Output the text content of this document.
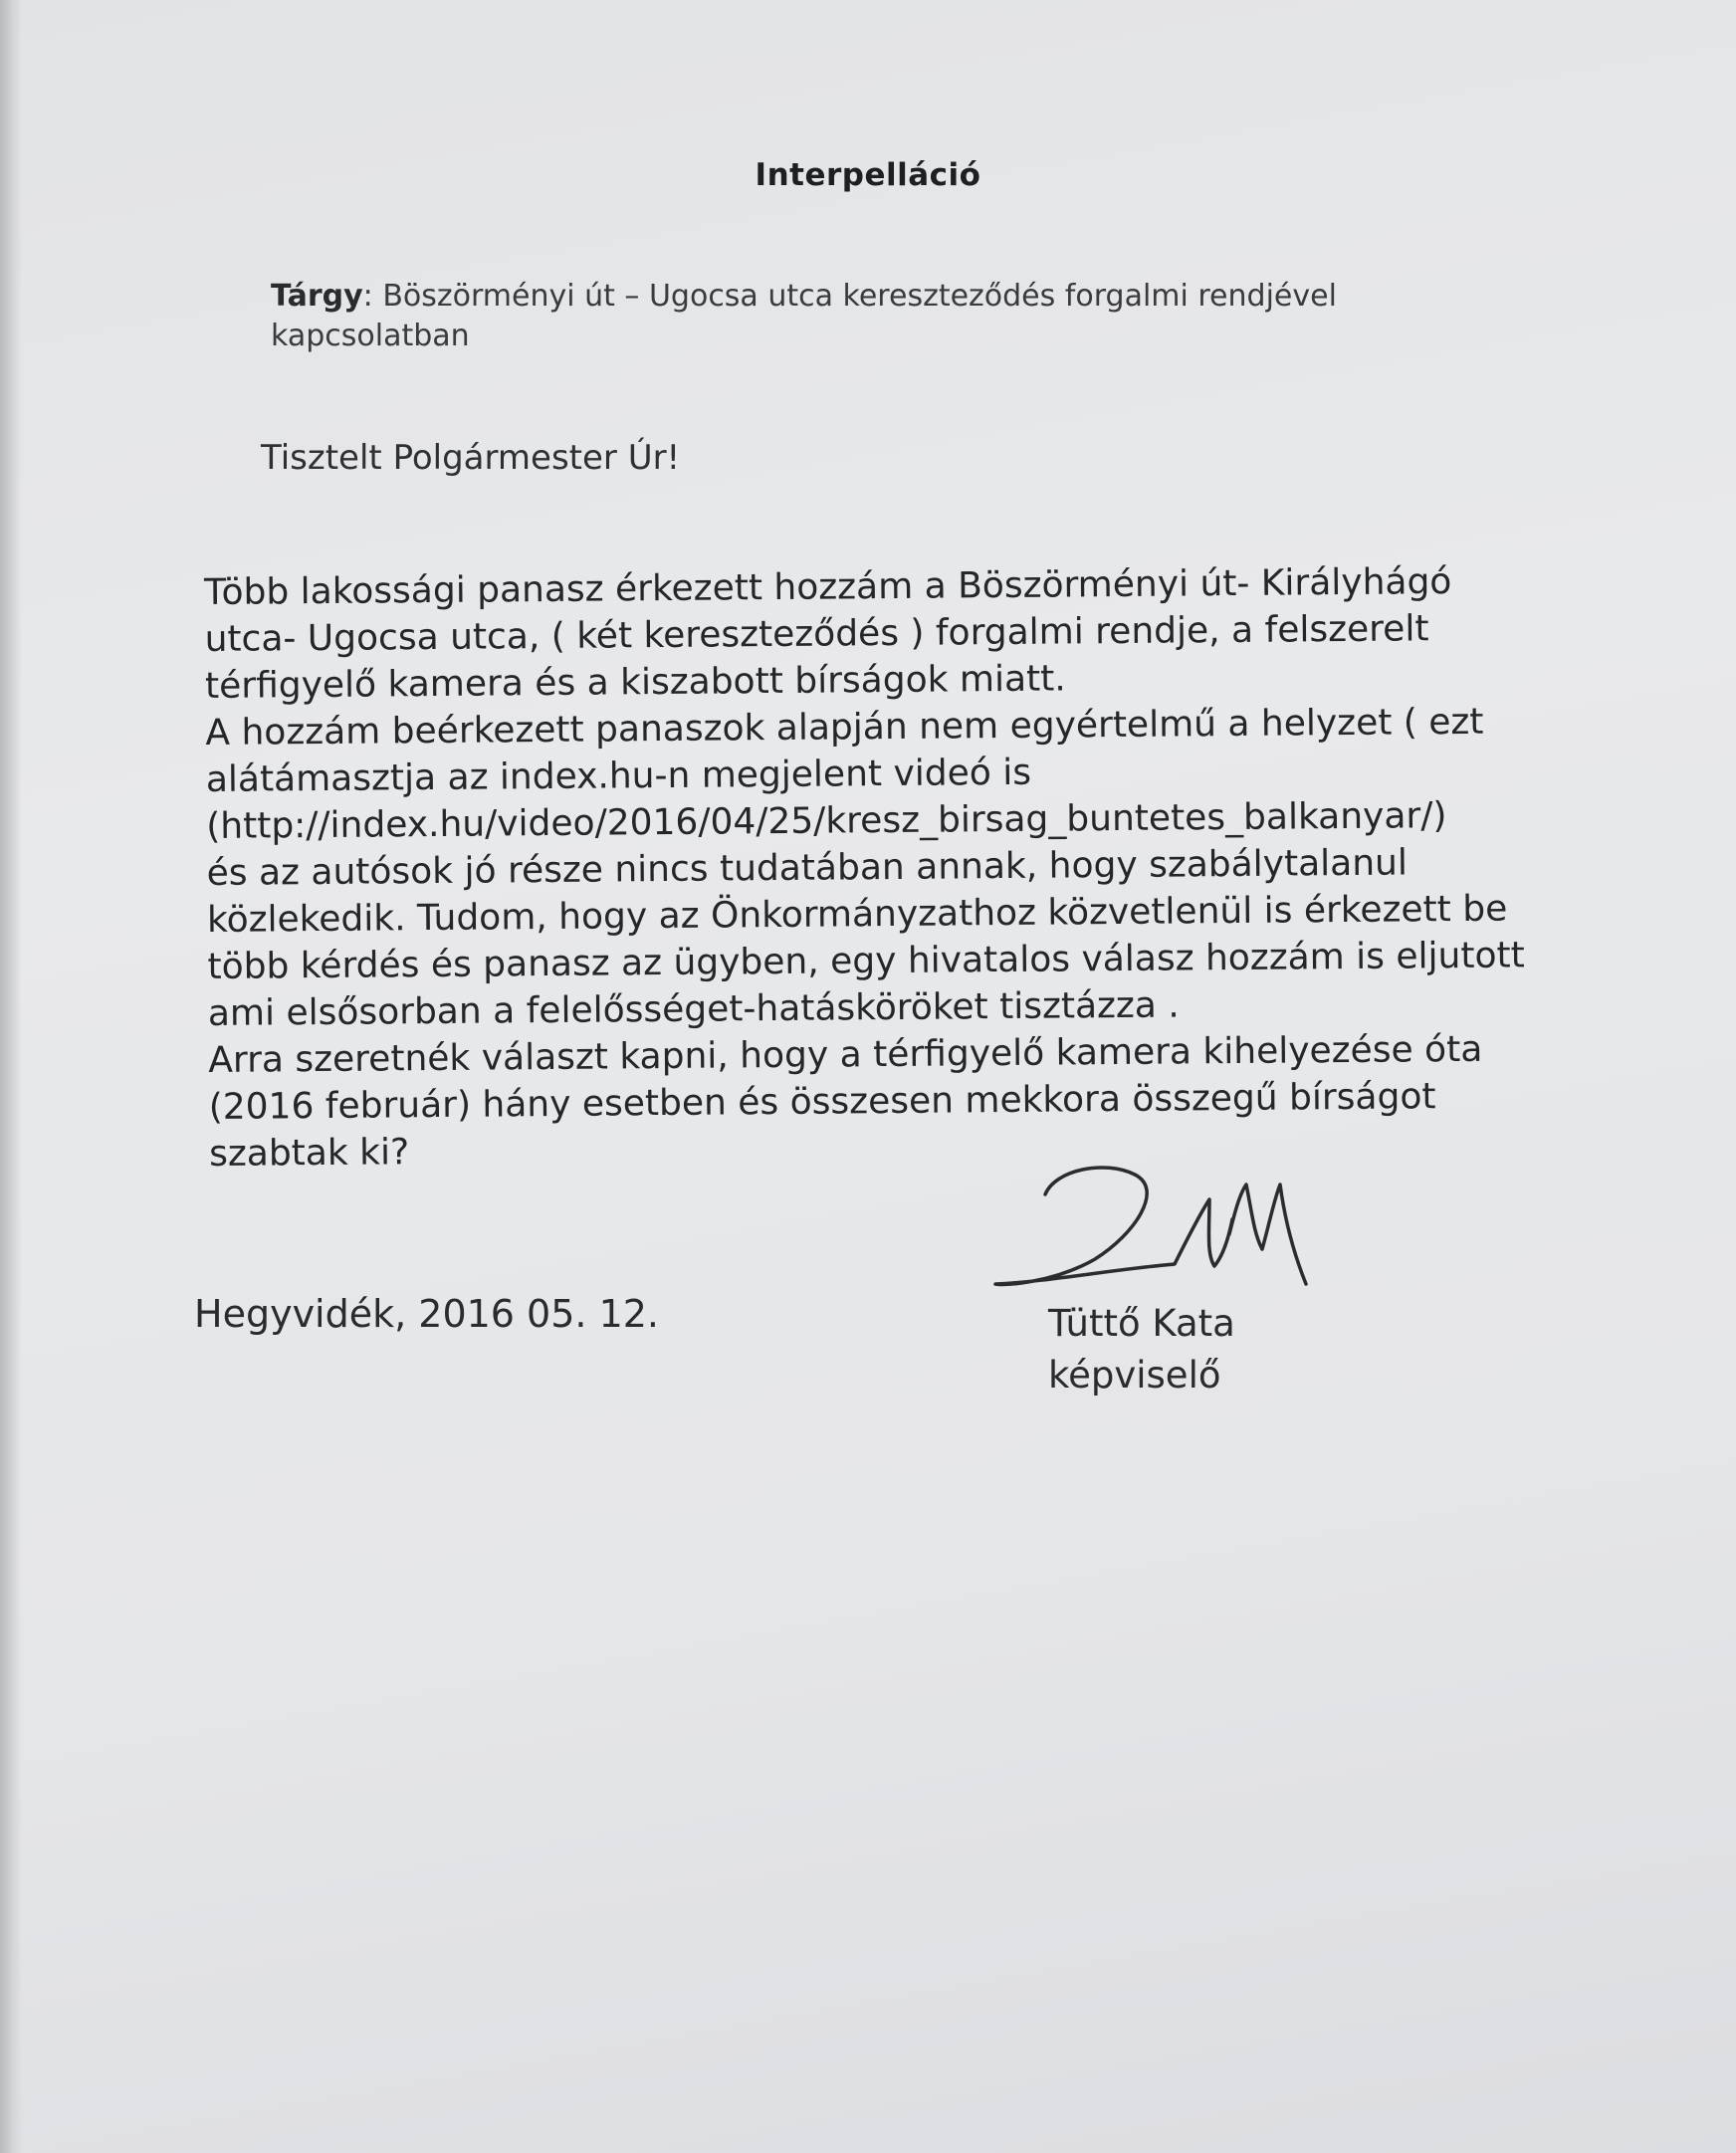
Interpelláció
Tárgy: Böszörményi út – Ugocsa utca kereszteződés forgalmi rendjével kapcsolatban
Tisztelt Polgármester Úr!
Több lakossági panasz érkezett hozzám a Böszörményi út- Királyhágó
utca- Ugocsa utca, ( két kereszteződés ) forgalmi rendje, a felszerelt
térfigyelő kamera és a kiszabott bírságok miatt.
A hozzám beérkezett panaszok alapján nem egyértelmű a helyzet ( ezt
alátámasztja az index.hu-n megjelent videó is
(http://index.hu/video/2016/04/25/kresz_birsag_buntetes_balkanyar/)
és az autósok jó része nincs tudatában annak, hogy szabálytalanul
közlekedik. Tudom, hogy az Önkormányzathoz közvetlenül is érkezett be
több kérdés és panasz az ügyben, egy hivatalos válasz hozzám is eljutott
ami elsősorban a felelősséget-hatásköröket tisztázza .
Arra szeretnék választ kapni, hogy a térfigyelő kamera kihelyezése óta
(2016 február) hány esetben és összesen mekkora összegű bírságot
szabtak ki?
Hegyvidék, 2016 05. 12.	Tüttő Kata
képviselő
